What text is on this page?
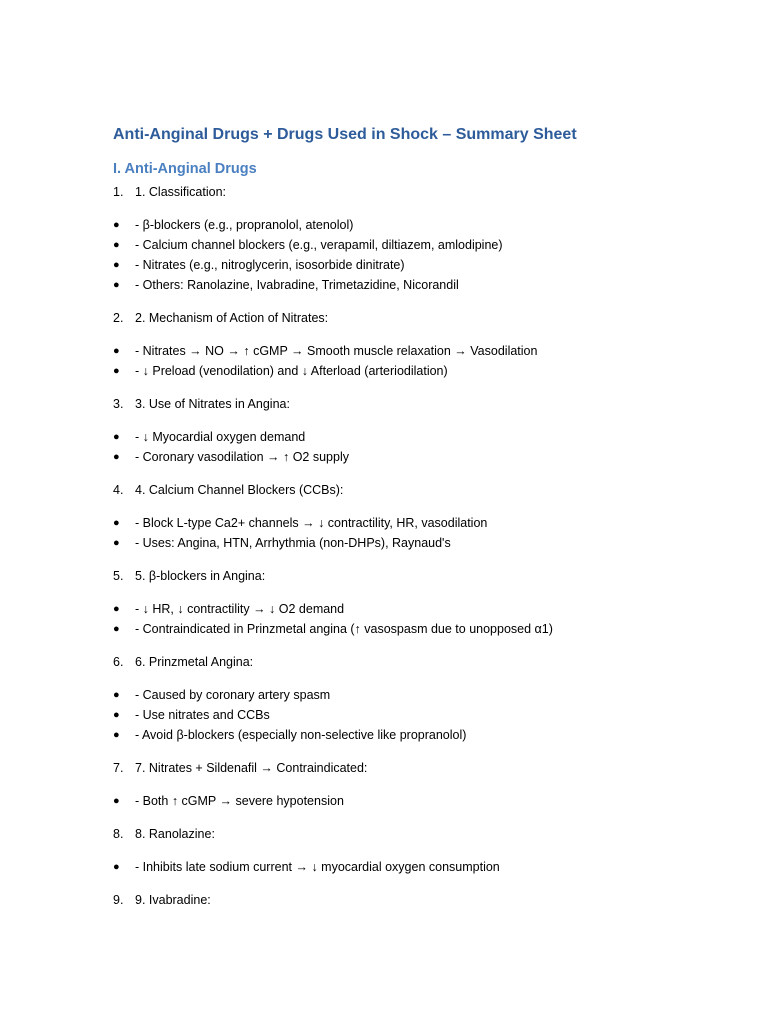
Anti-Anginal Drugs + Drugs Used in Shock – Summary Sheet
I. Anti-Anginal Drugs
1. 1. Classification:
●	- β-blockers (e.g., propranolol, atenolol)
●	- Calcium channel blockers (e.g., verapamil, diltiazem, amlodipine)
●	- Nitrates (e.g., nitroglycerin, isosorbide dinitrate)
●	- Others: Ranolazine, Ivabradine, Trimetazidine, Nicorandil
2. 2. Mechanism of Action of Nitrates:
●	- Nitrates → NO → ↑ cGMP → Smooth muscle relaxation → Vasodilation
●	- ↓ Preload (venodilation) and ↓ Afterload (arteriodilation)
3. 3. Use of Nitrates in Angina:
●	- ↓ Myocardial oxygen demand
●	- Coronary vasodilation → ↑ O2 supply
4. 4. Calcium Channel Blockers (CCBs):
●	- Block L-type Ca2+ channels → ↓ contractility, HR, vasodilation
●	- Uses: Angina, HTN, Arrhythmia (non-DHPs), Raynaud's
5. 5. β-blockers in Angina:
●	- ↓ HR, ↓ contractility → ↓ O2 demand
●	- Contraindicated in Prinzmetal angina (↑ vasospasm due to unopposed α1)
6. 6. Prinzmetal Angina:
●	- Caused by coronary artery spasm
●	- Use nitrates and CCBs
●	- Avoid β-blockers (especially non-selective like propranolol)
7. 7. Nitrates + Sildenafil → Contraindicated:
●	- Both ↑ cGMP → severe hypotension
8. 8. Ranolazine:
●	- Inhibits late sodium current → ↓ myocardial oxygen consumption
9. 9. Ivabradine:
